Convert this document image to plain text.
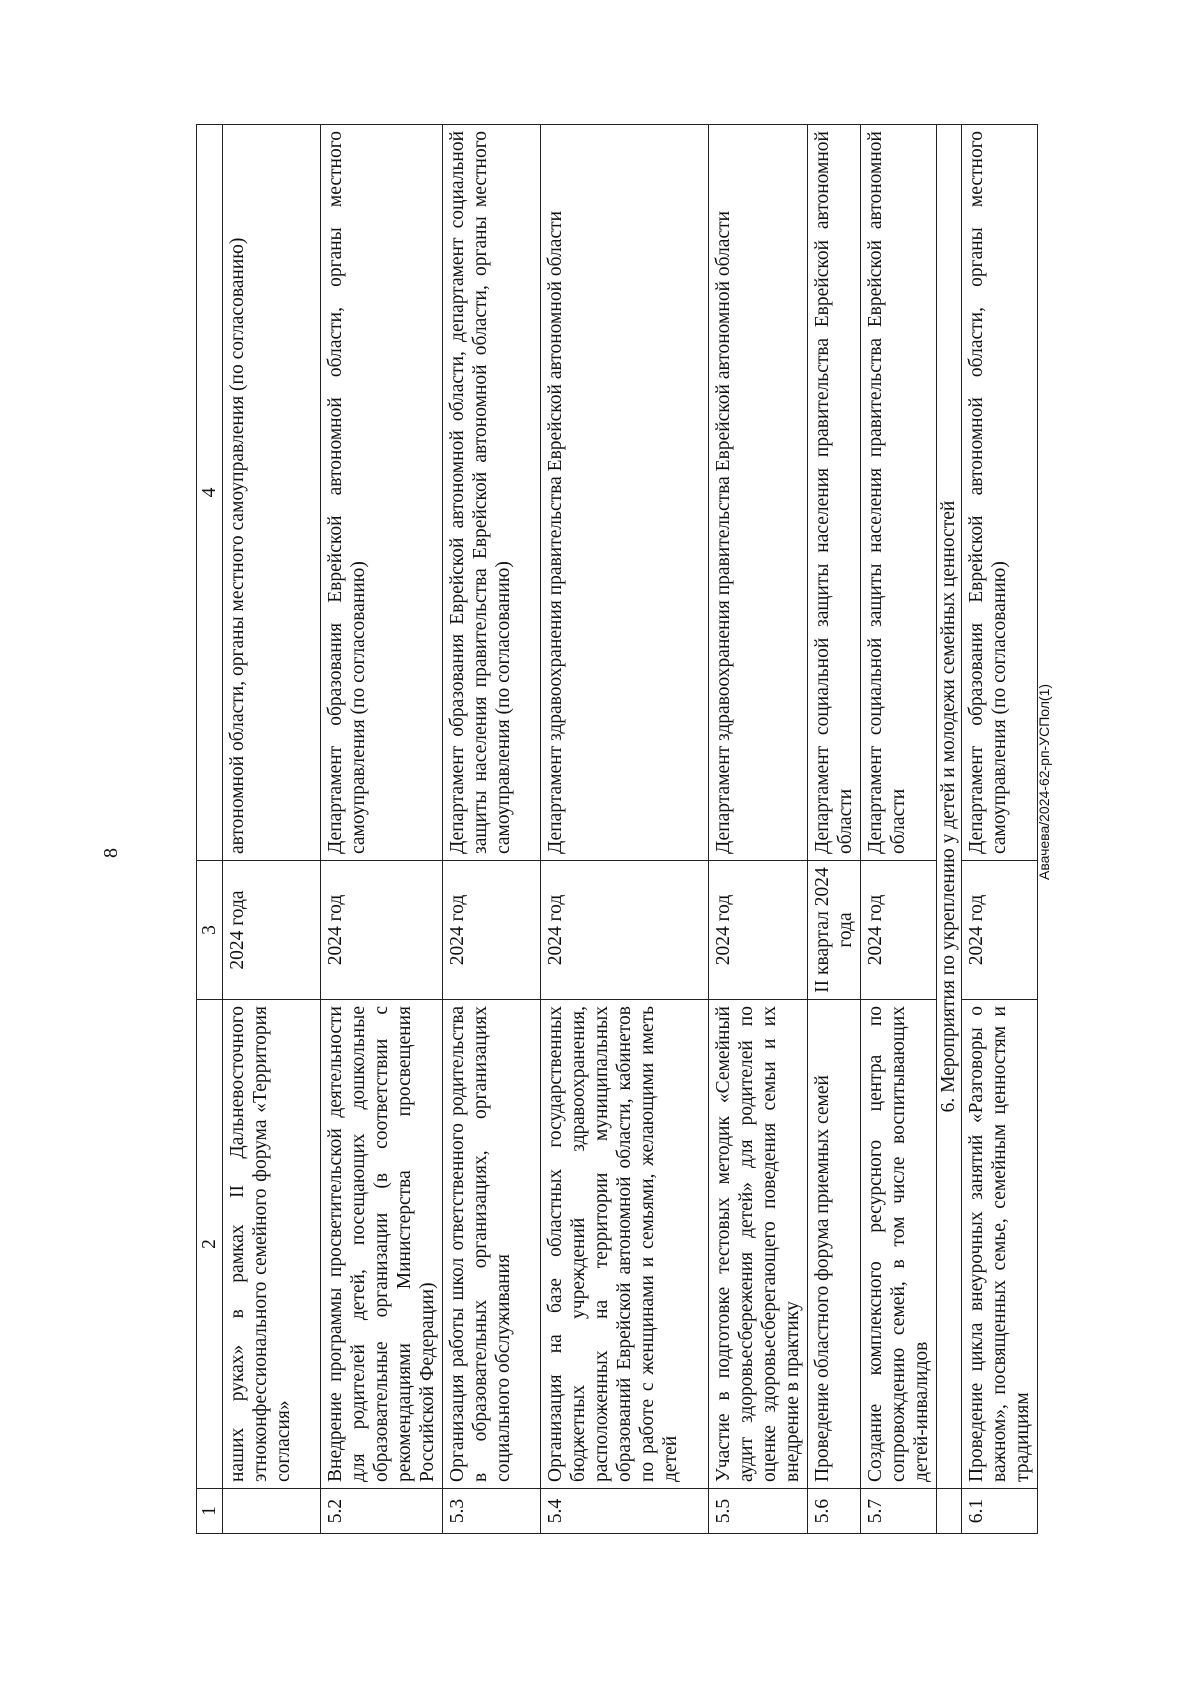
8	Авачева/2024-62-рп-УСПол(1)
1	2	3	4
	наших руках» в рамках II Дальневосточного этноконфессионального семейного форума «Территория согласия»	2024 года	автономной области, органы местного самоуправления (по согласованию)
5.2	Внедрение программы просветительской деятельности для родителей детей, посещающих дошкольные образовательные организации (в соответствии с рекомендациями Министерства просвещения Российской Федерации)	2024 год	Департамент образования Еврейской автономной области, органы местного самоуправления (по согласованию)
5.3	Организация работы школ ответственного родительства в образовательных организациях, организациях социального обслуживания	2024 год	Департамент образования Еврейской автономной области, департамент социальной защиты населения правительства Еврейской автономной области, органы местного самоуправления (по согласованию)
5.4	Организация на базе областных государственных бюджетных учреждений здравоохранения, расположенных на территории муниципальных образований Еврейской автономной области, кабинетов по работе с женщинами и семьями, желающими иметь детей	2024 год	Департамент здравоохранения правительства Еврейской автономной области
5.5	Участие в подготовке тестовых методик «Семейный аудит здоровьесбережения детей» для родителей по оценке здоровьесберегающего поведения семьи и их внедрение в практику	2024 год	Департамент здравоохранения правительства Еврейской автономной области
5.6	Проведение областного форума приемных семей	II квартал 2024 года	Департамент социальной защиты населения правительства Еврейской автономной области
5.7	Создание комплексного ресурсного центра по сопровождению семей, в том числе воспитывающих детей-инвалидов	2024 год	Департамент социальной защиты населения правительства Еврейской автономной области
	6. Мероприятия по укреплению у детей и молодежи семейных ценностей		
6.1	Проведение цикла внеурочных занятий «Разговоры о важном», посвященных семье, семейным ценностям и традициям	2024 год	Департамент образования Еврейской автономной области, органы местного самоуправления (по согласованию)
